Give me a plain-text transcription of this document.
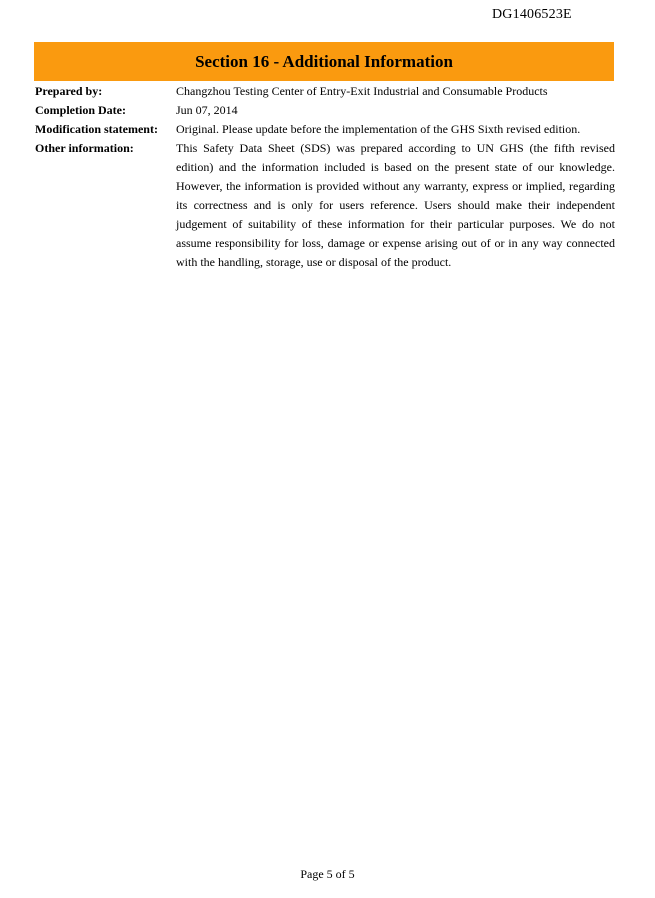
DG1406523E
Section 16 - Additional Information
Prepared by:	Changzhou Testing Center of Entry-Exit Industrial and Consumable Products
Completion Date:	Jun 07, 2014
Modification statement:	Original. Please update before the implementation of the GHS Sixth revised edition.
Other information:	This Safety Data Sheet (SDS) was prepared according to UN GHS (the fifth revised edition) and the information included is based on the present state of our knowledge. However, the information is provided without any warranty, express or implied, regarding its correctness and is only for users reference. Users should make their independent judgement of suitability of these information for their particular purposes. We do not assume responsibility for loss, damage or expense arising out of or in any way connected with the handling, storage, use or disposal of the product.
Page 5 of 5
